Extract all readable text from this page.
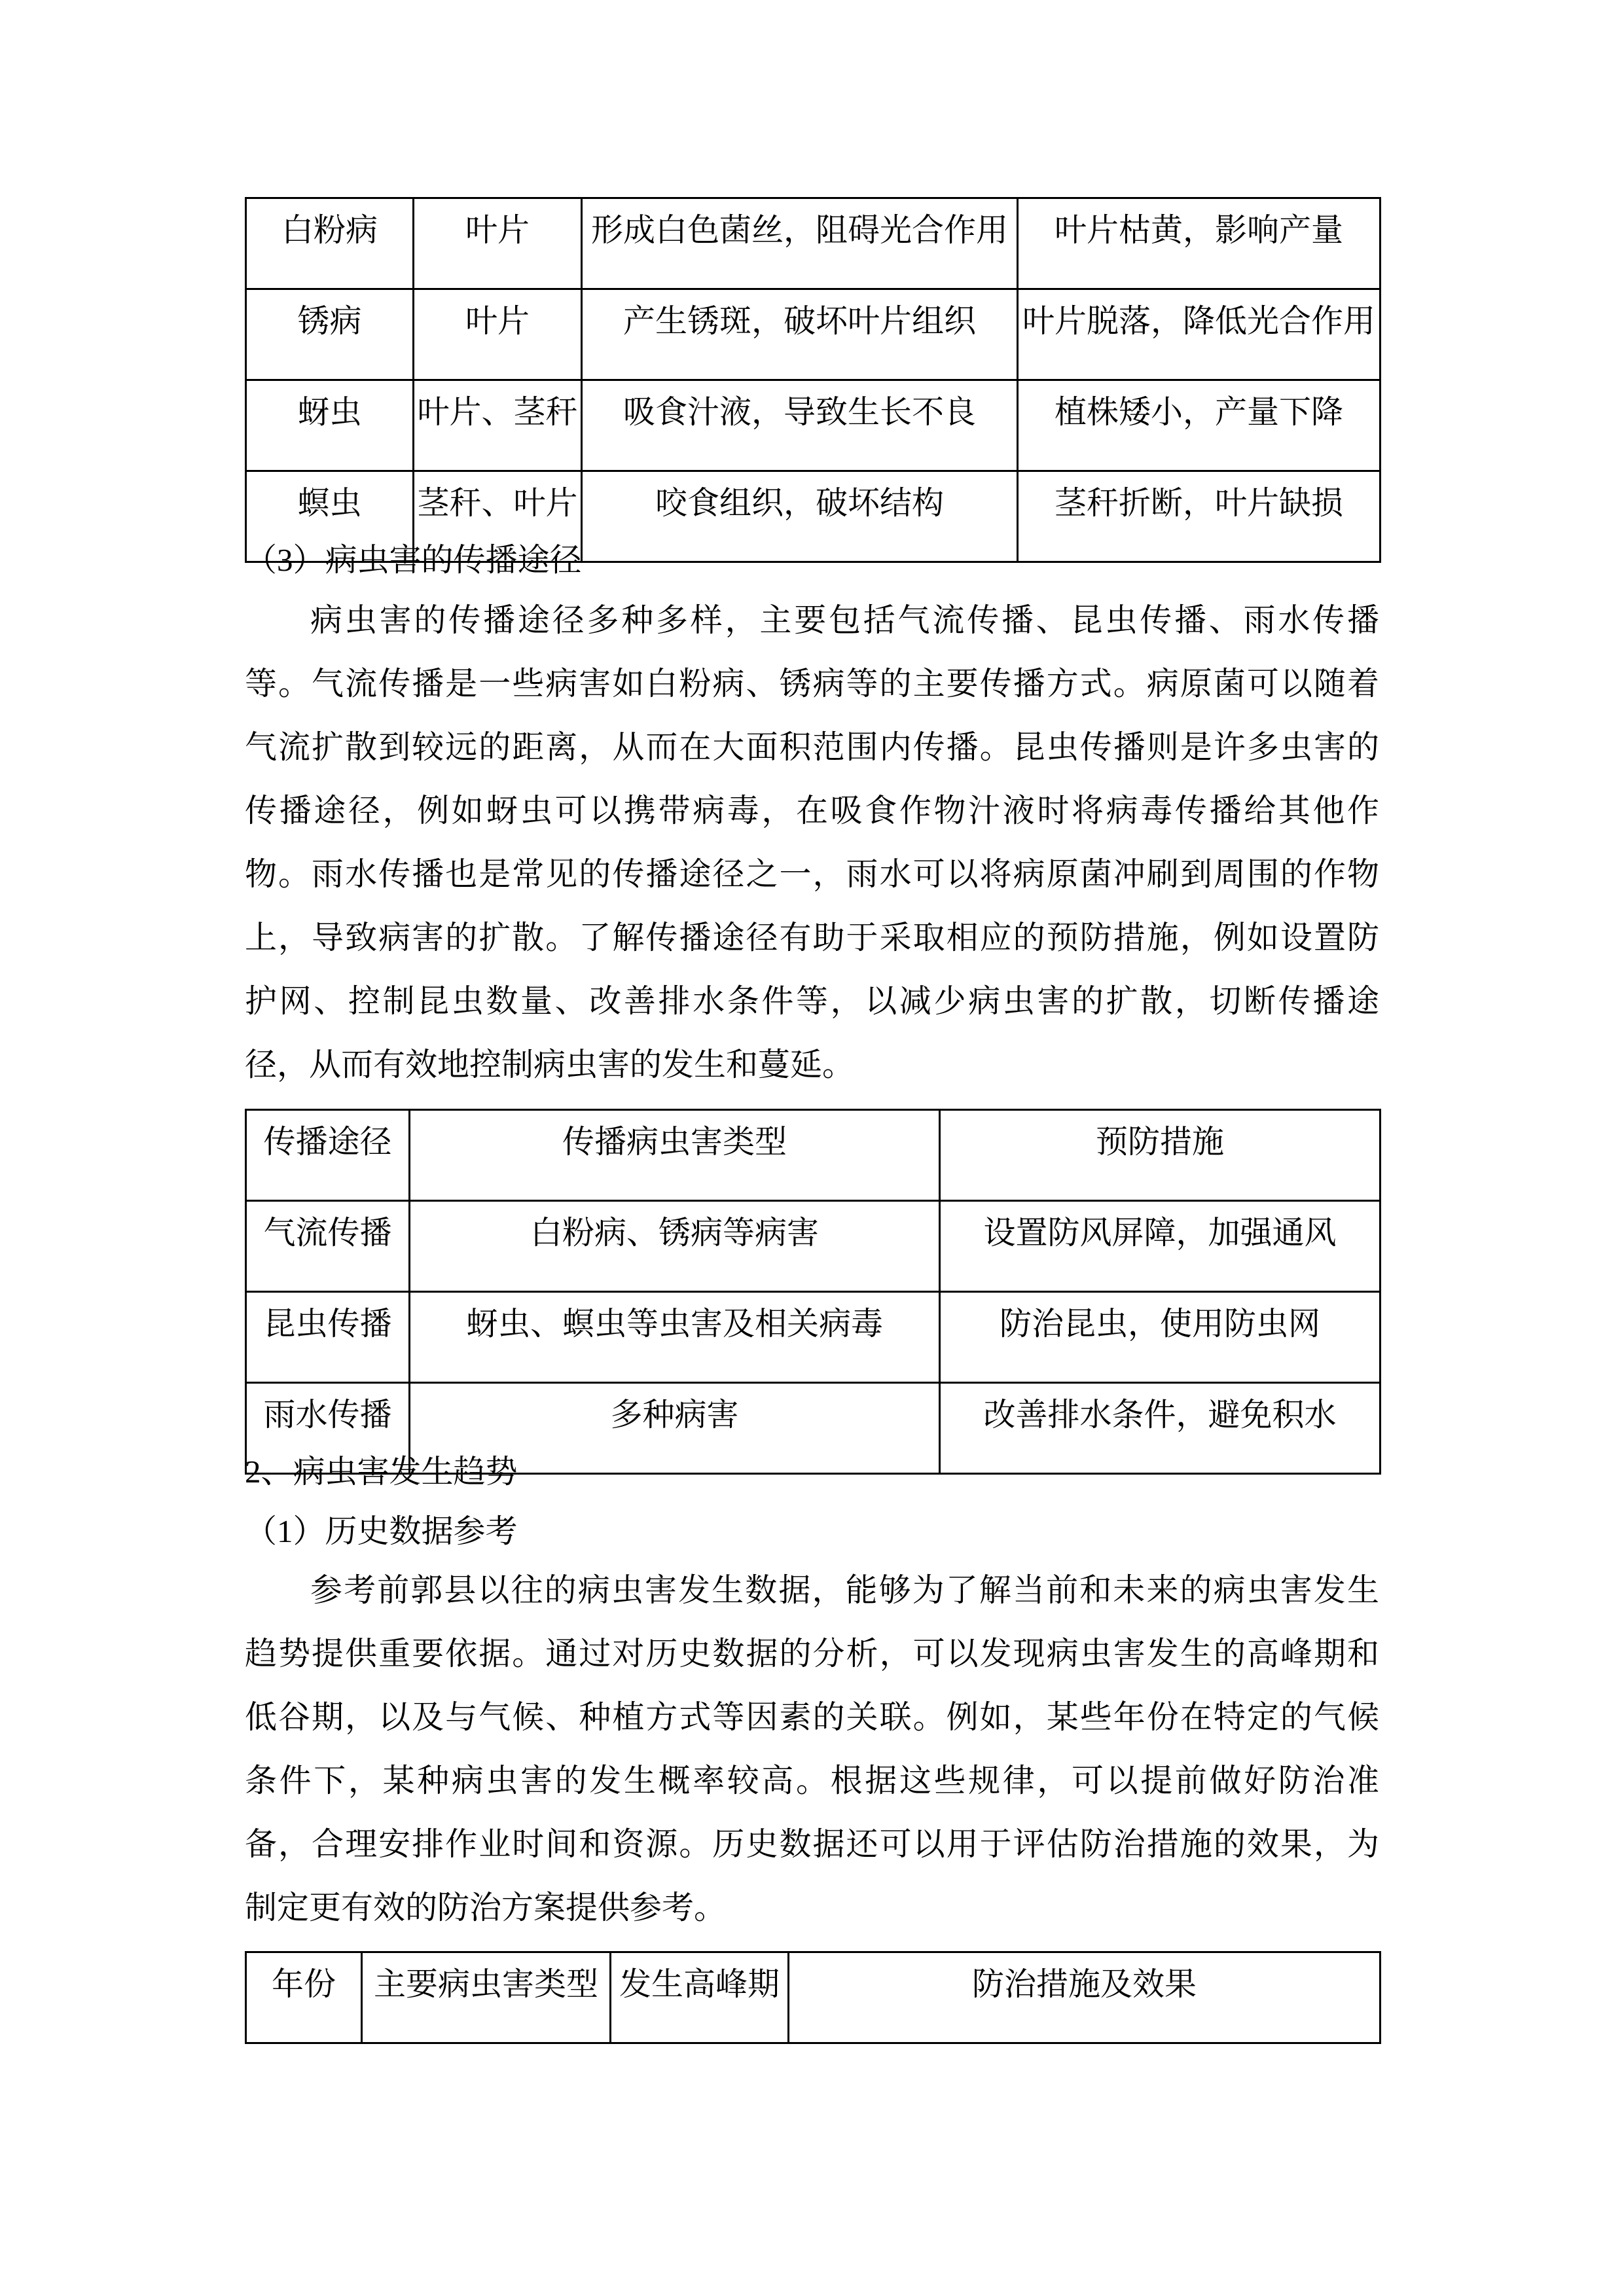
白粉病	叶片	形成白色菌丝，阻碍光合作用	叶片枯黄，影响产量
锈病	叶片	产生锈斑，破坏叶片组织	叶片脱落，降低光合作用
蚜虫	叶片、茎秆	吸食汁液，导致生长不良	植株矮小，产量下降
螟虫	茎秆、叶片	咬食组织，破坏结构	茎秆折断，叶片缺损
（3）病虫害的传播途径
病虫害的传播途径多种多样，主要包括气流传播、昆虫传播、雨水传播
等。气流传播是一些病害如白粉病、锈病等的主要传播方式。病原菌可以随着
气流扩散到较远的距离，从而在大面积范围内传播。昆虫传播则是许多虫害的
传播途径，例如蚜虫可以携带病毒，在吸食作物汁液时将病毒传播给其他作
物。雨水传播也是常见的传播途径之一，雨水可以将病原菌冲刷到周围的作物
上，导致病害的扩散。了解传播途径有助于采取相应的预防措施，例如设置防
护网、控制昆虫数量、改善排水条件等，以减少病虫害的扩散，切断传播途
径，从而有效地控制病虫害的发生和蔓延。
传播途径	传播病虫害类型	预防措施
气流传播	白粉病、锈病等病害	设置防风屏障，加强通风
昆虫传播	蚜虫、螟虫等虫害及相关病毒	防治昆虫，使用防虫网
雨水传播	多种病害	改善排水条件，避免积水
2、病虫害发生趋势
（1）历史数据参考
参考前郭县以往的病虫害发生数据，能够为了解当前和未来的病虫害发生
趋势提供重要依据。通过对历史数据的分析，可以发现病虫害发生的高峰期和
低谷期，以及与气候、种植方式等因素的关联。例如，某些年份在特定的气候
条件下，某种病虫害的发生概率较高。根据这些规律，可以提前做好防治准
备，合理安排作业时间和资源。历史数据还可以用于评估防治措施的效果，为
制定更有效的防治方案提供参考。
年份	主要病虫害类型	发生高峰期	防治措施及效果
